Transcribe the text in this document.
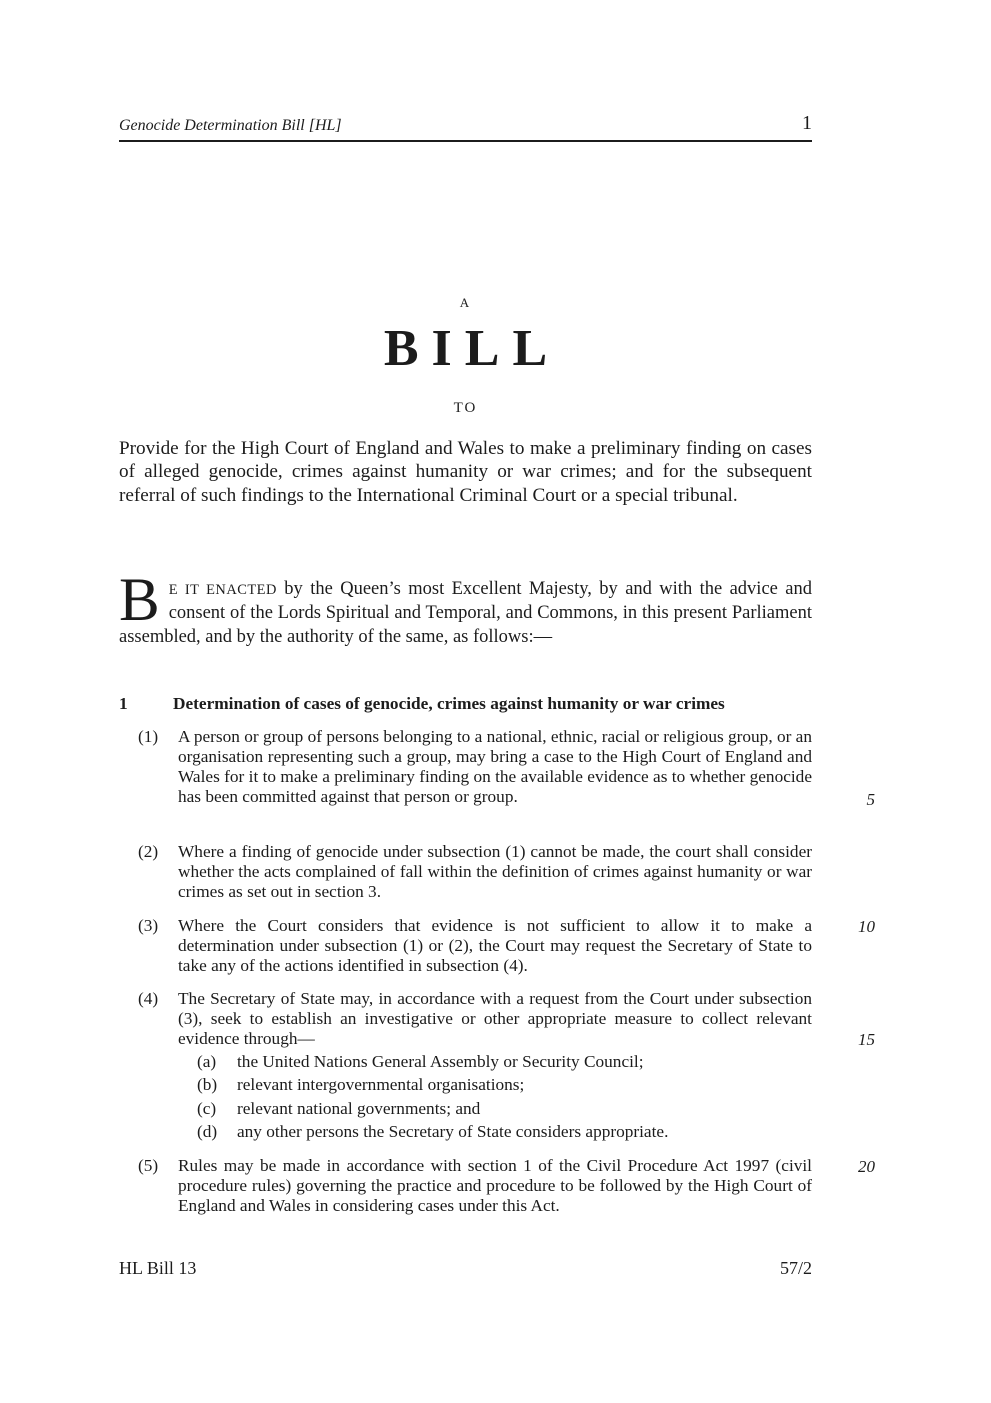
Genocide Determination Bill [HL]	1
A
BILL
TO

Provide for the High Court of England and Wales to make a preliminary finding on cases of alleged genocide, crimes against humanity or war crimes; and for the subsequent referral of such findings to the International Criminal Court or a special tribunal.

B E IT ENACTED by the Queen’s most Excellent Majesty, by and with the advice and consent of the Lords Spiritual and Temporal, and Commons, in this present Parliament assembled, and by the authority of the same, as follows:—

1	Determination of cases of genocide, crimes against humanity or war crimes
(1) A person or group of persons belonging to a national, ethnic, racial or religious group, or an organisation representing such a group, may bring a case to the High Court of England and Wales for it to make a preliminary finding on the available evidence as to whether genocide has been committed against that person or group.
(2) Where a finding of genocide under subsection (1) cannot be made, the court shall consider whether the acts complained of fall within the definition of crimes against humanity or war crimes as set out in section 3.
(3) Where the Court considers that evidence is not sufficient to allow it to make a determination under subsection (1) or (2), the Court may request the Secretary of State to take any of the actions identified in subsection (4).
(4) The Secretary of State may, in accordance with a request from the Court under subsection (3), seek to establish an investigative or other appropriate measure to collect relevant evidence through—
(a) the United Nations General Assembly or Security Council;
(b) relevant intergovernmental organisations;
(c) relevant national governments; and
(d) any other persons the Secretary of State considers appropriate.
(5) Rules may be made in accordance with section 1 of the Civil Procedure Act 1997 (civil procedure rules) governing the practice and procedure to be followed by the High Court of England and Wales in considering cases under this Act.
5
10
15
20
HL Bill 13	57/2
